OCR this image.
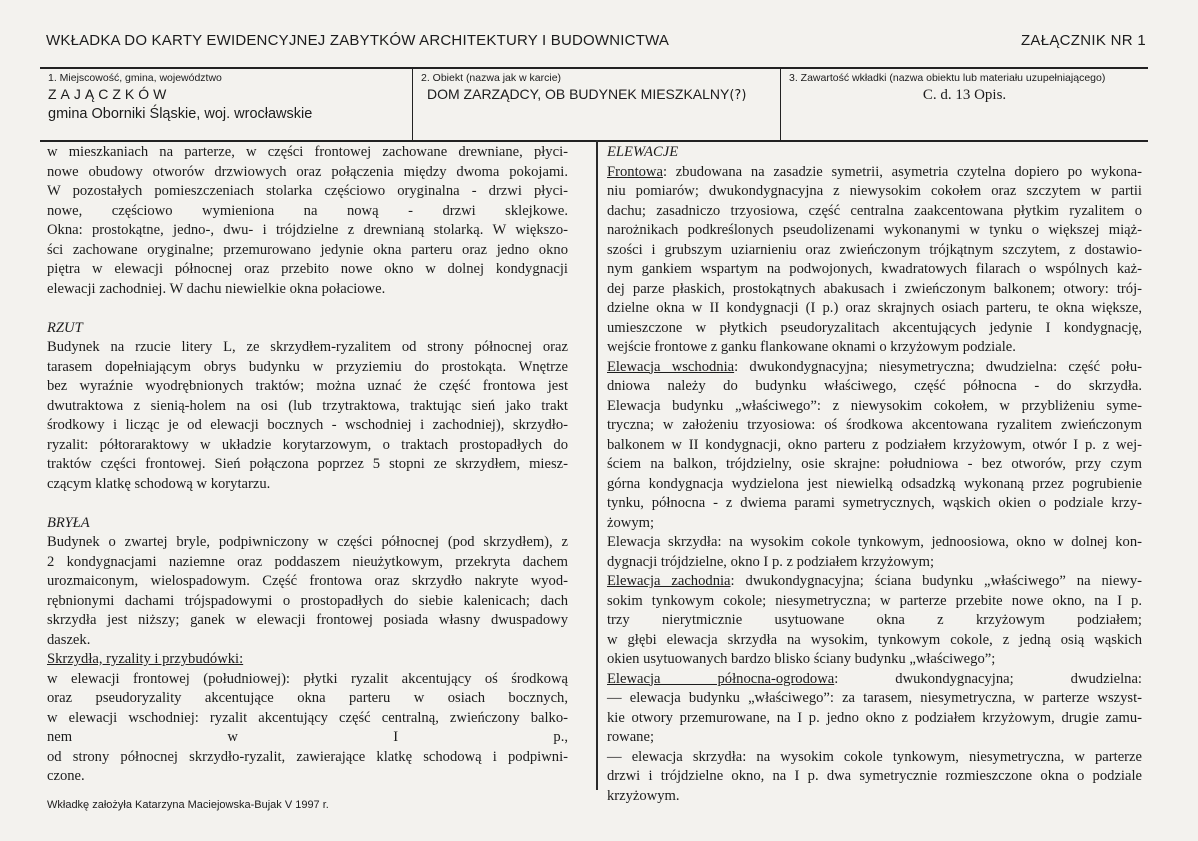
WKŁADKA DO KARTY EWIDENCYJNEJ ZABYTKÓW ARCHITEKTURY I BUDOWNICTWA	ZAŁĄCZNIK NR 1
1. Miejscowość, gmina, województwo
ZAJĄCZKÓW
gmina Oborniki Śląskie, woj. wrocławskie
2. Obiekt (nazwa jak w karcie)
DOM ZARZĄDCY, OB BUDYNEK MIESZKALNY(?)
3. Zawartość wkładki (nazwa obiektu lub materiału uzupełniającego)
C. d. 13 Opis.
w mieszkaniach na parterze, w części frontowej zachowane drewniane, płyci-
nowe obudowy otworów drzwiowych oraz połączenia między dwoma pokojami.
W pozostałych pomieszczeniach stolarka częściowo oryginalna - drzwi płyci-
nowe, częściowo wymieniona na nową - drzwi sklejkowe.
Okna: prostokątne, jedno-, dwu- i trójdzielne z drewnianą stolarką. W większo-
ści zachowane oryginalne; przemurowano jedynie okna parteru oraz jedno okno
piętra w elewacji północnej oraz przebito nowe okno w dolnej kondygnacji
elewacji zachodniej. W dachu niewielkie okna połaciowe.
RZUT
Budynek na rzucie litery L, ze skrzydłem-ryzalitem od strony północnej oraz
tarasem dopełniającym obrys budynku w przyziemiu do prostokąta. Wnętrze
bez wyraźnie wyodrębnionych traktów; można uznać że część frontowa jest
dwutraktowa z sienią-holem na osi (lub trzytraktowa, traktując sień jako trakt
środkowy i licząc je od elewacji bocznych - wschodniej i zachodniej), skrzydło-
ryzalit: półtoraraktowy w układzie korytarzowym, o traktach prostopadłych do
traktów części frontowej. Sień połączona poprzez 5 stopni ze skrzydłem, miesz-
czącym klatkę schodową w korytarzu.
BRYŁA
Budynek o zwartej bryle, podpiwniczony w części północnej (pod skrzydłem), z
2 kondygnacjami naziemne oraz poddaszem nieużytkowym, przekryta dachem
urozmaiconym, wielospadowym. Część frontowa oraz skrzydło nakryte wyod-
rębnionymi dachami trójspadowymi o prostopadłych do siebie kalenicach; dach
skrzydła jest niższy; ganek w elewacji frontowej posiada własny dwuspadowy
daszek.
Skrzydła, ryzality i przybudówki:
w elewacji frontowej (południowej): płytki ryzalit akcentujący oś środkową
oraz pseudoryzality akcentujące okna parteru w osiach bocznych,
w elewacji wschodniej: ryzalit akcentujący część centralną, zwieńczony balko-
nem w I p.,
od strony północnej skrzydło-ryzalit, zawierające klatkę schodową i podpiwni-
czone.
ELEWACJE
Frontowa: zbudowana na zasadzie symetrii, asymetria czytelna dopiero po wykona-
niu pomiarów; dwukondygnacyjna z niewysokim cokołem oraz szczytem w partii
dachu; zasadniczo trzyosiowa, część centralna zaakcentowana płytkim ryzalitem o
narożnikach podkreślonych pseudolizenami wykonanymi w tynku o większej miąż-
szości i grubszym uziarnieniu oraz zwieńczonym trójkątnym szczytem, z dostawio-
nym gankiem wspartym na podwojonych, kwadratowych filarach o wspólnych każ-
dej parze płaskich, prostokątnych abakusach i zwieńczonym balkonem; otwory: trój-
dzielne okna w II kondygnacji (I p.) oraz skrajnych osiach parteru, te okna większe,
umieszczone w płytkich pseudoryzalitach akcentujących jedynie I kondygnację,
wejście frontowe z ganku flankowane oknami o krzyżowym podziale.
Elewacja wschodnia: dwukondygnacyjna; niesymetryczna; dwudzielna: część połu-
dniowa należy do budynku właściwego, część północna - do skrzydła.
Elewacja budynku „właściwego”: z niewysokim cokołem, w przybliżeniu syme-
tryczna; w założeniu trzyosiowa: oś środkowa akcentowana ryzalitem zwieńczonym
balkonem w II kondygnacji, okno parteru z podziałem krzyżowym, otwór I p. z wej-
ściem na balkon, trójdzielny, osie skrajne: południowa - bez otworów, przy czym
górna kondygnacja wydzielona jest niewielką odsadzką wykonaną przez pogrubienie
tynku, północna - z dwiema parami symetrycznych, wąskich okien o podziale krzy-
żowym;
Elewacja skrzydła: na wysokim cokole tynkowym, jednoosiowa, okno w dolnej kon-
dygnacji trójdzielne, okno I p. z podziałem krzyżowym;
Elewacja zachodnia: dwukondygnacyjna; ściana budynku „właściwego” na niewy-
sokim tynkowym cokole; niesymetryczna; w parterze przebite nowe okno, na I p.
trzy nierytmicznie usytuowane okna z krzyżowym podziałem;
w głębi elewacja skrzydła na wysokim, tynkowym cokole, z jedną osią wąskich
okien usytuowanych bardzo blisko ściany budynku „właściwego”;
Elewacja północna-ogrodowa: dwukondygnacyjna; dwudzielna:
— elewacja budynku „właściwego”: za tarasem, niesymetryczna, w parterze wszyst-
kie otwory przemurowane, na I p. jedno okno z podziałem krzyżowym, drugie zamu-
rowane;
— elewacja skrzydła: na wysokim cokole tynkowym, niesymetryczna, w parterze
drzwi i trójdzielne okno, na I p. dwa symetrycznie rozmieszczone okna o podziale
krzyżowym.
Wkładkę założyła Katarzyna Maciejowska-Bujak V 1997 r.
